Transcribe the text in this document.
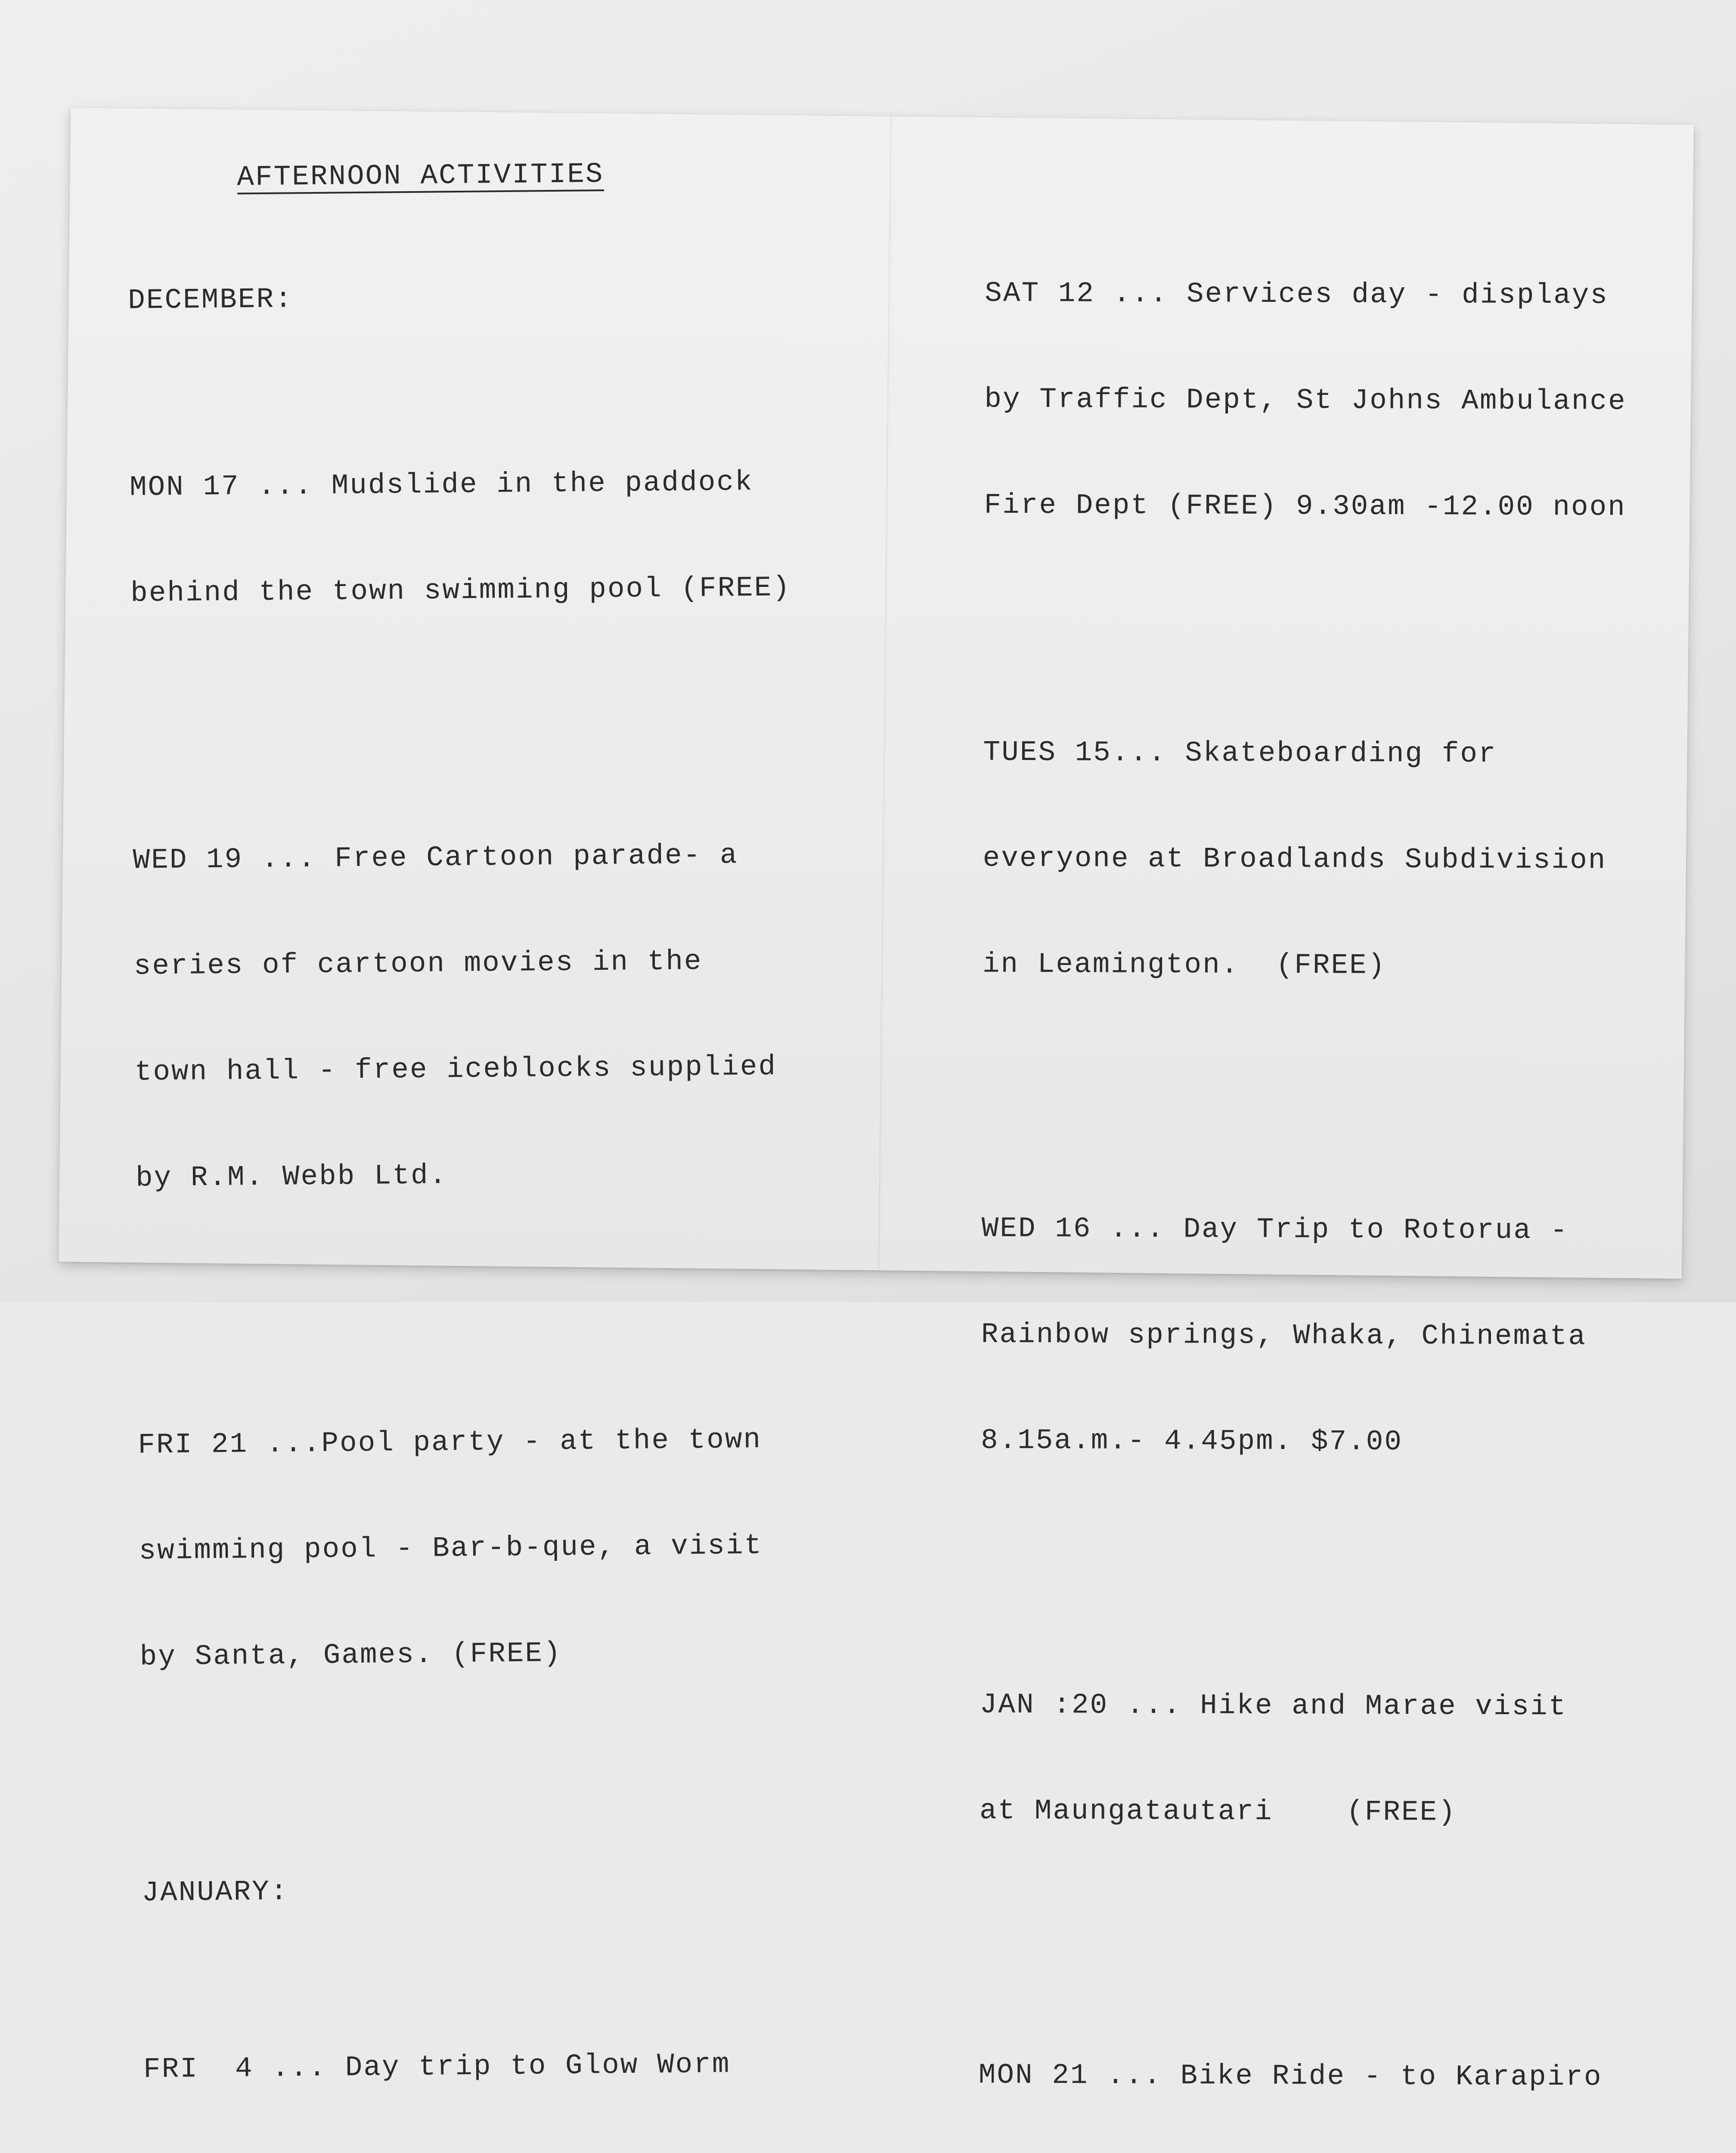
AFTERNOON ACTIVITIES

DECEMBER:

MON 17 ... Mudslide in the paddock

behind the town swimming pool (FREE)

WED 19 ... Free Cartoon parade- a

series of cartoon movies in the

town hall - free iceblocks supplied

by R.M. Webb Ltd.

FRI 21 ...Pool party - at the town

swimming pool - Bar-b-que, a visit

by Santa, Games. (FREE)

JANUARY:

FRI  4 ... Day trip to Glow Worm

SAT 12 ... Services day - displays

by Traffic Dept, St Johns Ambulance

Fire Dept (FREE) 9.30am -12.00 noon

TUES 15... Skateboarding for

everyone at Broadlands Subdivision

in Leamington.  (FREE)

WED 16 ... Day Trip to Rotorua -

Rainbow springs, Whaka, Chinemata

8.15a.m.- 4.45pm. $7.00

JAN :20 ... Hike and Marae visit

at Maungatautari    (FREE)

MON 21 ... Bike Ride - to Karapiro
